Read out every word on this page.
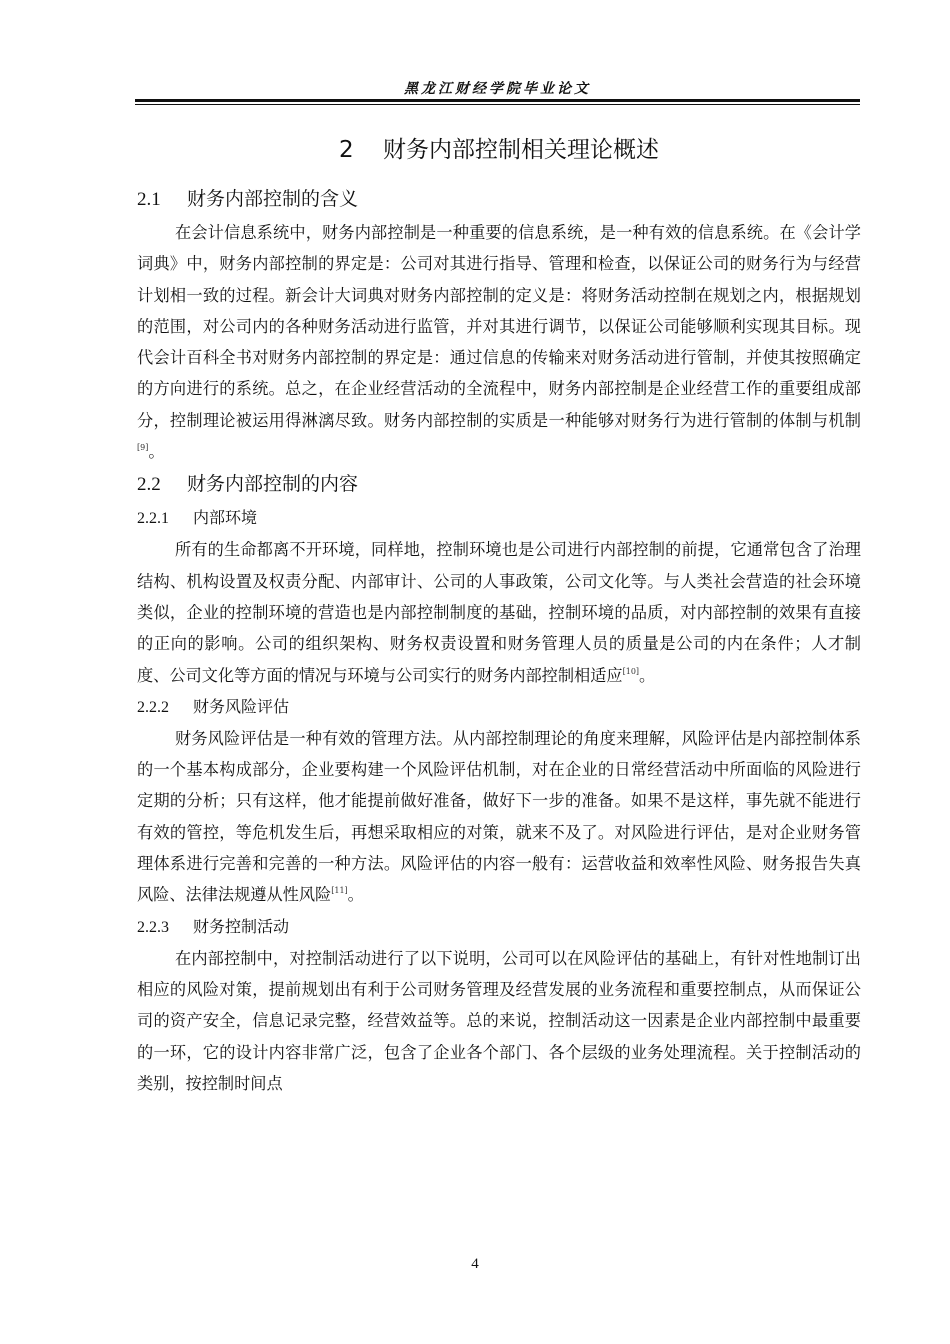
黑龙江财经学院毕业论文
2 财务内部控制相关理论概述
2.1 财务内部控制的含义

在会计信息系统中，财务内部控制是一种重要的信息系统，是一种有效的信息系统。在《会计学词典》中，财务内部控制的界定是：公司对其进行指导、管理和检查，以保证公司的财务行为与经营计划相一致的过程。新会计大词典对财务内部控制的定义是：将财务活动控制在规划之内，根据规划的范围，对公司内的各种财务活动进行监管，并对其进行调节，以保证公司能够顺利实现其目标。现代会计百科全书对财务内部控制的界定是：通过信息的传输来对财务活动进行管制，并使其按照确定的方向进行的系统。总之，在企业经营活动的全流程中，财务内部控制是企业经营工作的重要组成部分，控制理论被运用得淋漓尽致。财务内部控制的实质是一种能够对财务行为进行管制的体制与机制[9]。

2.2 财务内部控制的内容
2.2.1 内部环境

所有的生命都离不开环境，同样地，控制环境也是公司进行内部控制的前提，它通常包含了治理结构、机构设置及权责分配、内部审计、公司的人事政策，公司文化等。与人类社会营造的社会环境类似，企业的控制环境的营造也是内部控制制度的基础，控制环境的品质，对内部控制的效果有直接的正向的影响。公司的组织架构、财务权责设置和财务管理人员的质量是公司的内在条件；人才制度、公司文化等方面的情况与环境与公司实行的财务内部控制相适应[10]。

2.2.2 财务风险评估

财务风险评估是一种有效的管理方法。从内部控制理论的角度来理解，风险评估是内部控制体系的一个基本构成部分，企业要构建一个风险评估机制，对在企业的日常经营活动中所面临的风险进行定期的分析；只有这样，他才能提前做好准备，做好下一步的准备。如果不是这样，事先就不能进行有效的管控，等危机发生后，再想采取相应的对策，就来不及了。对风险进行评估，是对企业财务管理体系进行完善和完善的一种方法。风险评估的内容一般有：运营收益和效率性风险、财务报告失真风险、法律法规遵从性风险[11]。

2.2.3 财务控制活动

在内部控制中，对控制活动进行了以下说明，公司可以在风险评估的基础上，有针对性地制订出相应的风险对策，提前规划出有利于公司财务管理及经营发展的业务流程和重要控制点，从而保证公司的资产安全，信息记录完整，经营效益等。总的来说，控制活动这一因素是企业内部控制中最重要的一环，它的设计内容非常广泛，包含了企业各个部门、各个层级的业务处理流程。关于控制活动的类别，按控制时间点

4
